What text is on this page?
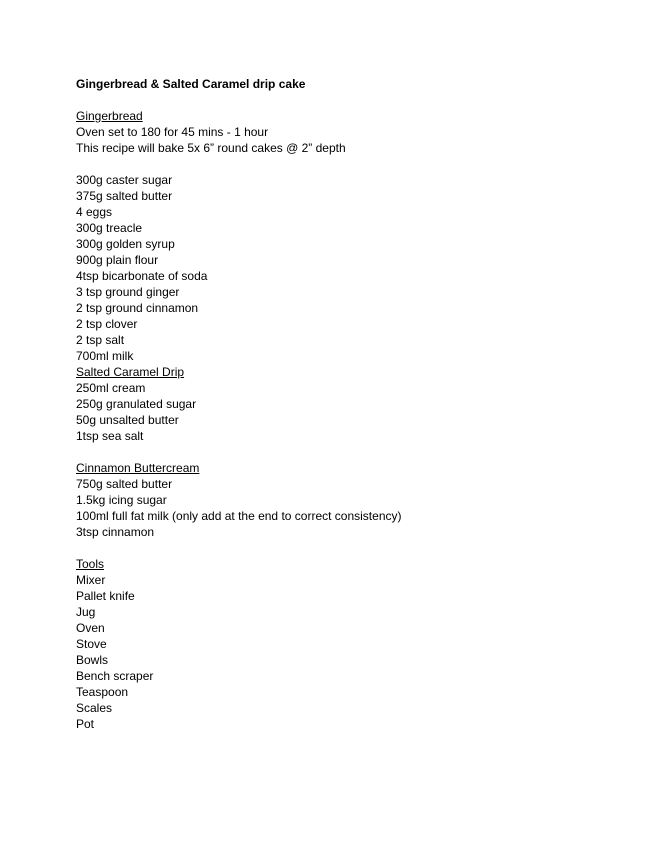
Gingerbread & Salted Caramel drip cake
Gingerbread
Oven set to 180 for 45 mins - 1 hour
This recipe will bake 5x 6” round cakes @ 2” depth
300g caster sugar
375g salted butter
4 eggs
300g treacle
300g golden syrup
900g plain flour
4tsp bicarbonate of soda
3 tsp ground ginger
2 tsp ground cinnamon
2 tsp clover
2 tsp salt
700ml milk
Salted Caramel Drip
250ml cream
250g granulated sugar
50g unsalted butter
1tsp sea salt
Cinnamon Buttercream
750g salted butter
1.5kg icing sugar
100ml full fat milk (only add at the end to correct consistency)
3tsp cinnamon
Tools
Mixer
Pallet knife
Jug
Oven
Stove
Bowls
Bench scraper
Teaspoon
Scales
Pot
